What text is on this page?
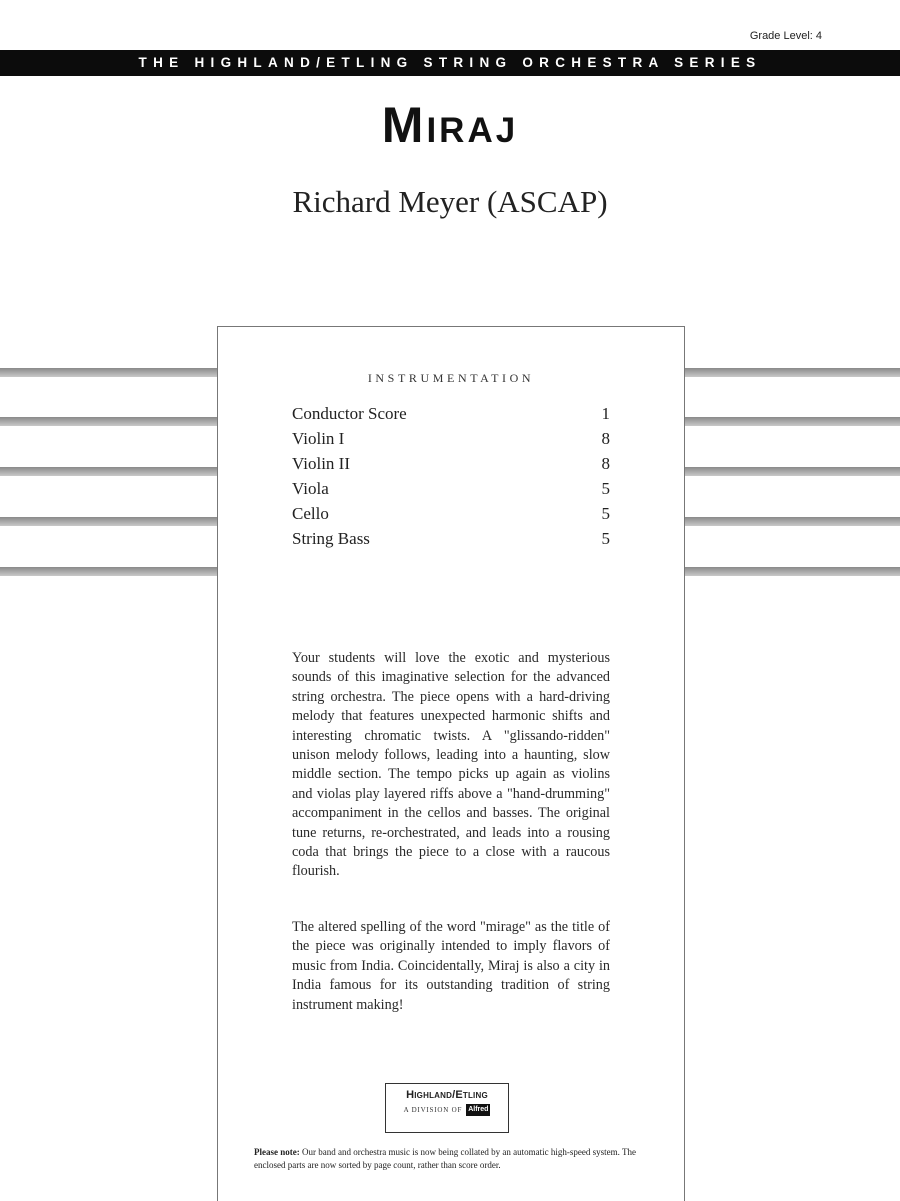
Grade Level: 4
THE HIGHLAND/ETLING STRING ORCHESTRA SERIES
Miraj
Richard Meyer (ASCAP)
INSTRUMENTATION
Conductor Score	1
Violin I	8
Violin II	8
Viola	5
Cello	5
String Bass	5

Your students will love the exotic and mysterious sounds of this imaginative selection for the advanced string orchestra. The piece opens with a hard-driving melody that features unexpected harmonic shifts and interesting chromatic twists. A "glissando-ridden" unison melody follows, leading into a haunting, slow middle section. The tempo picks up again as violins and violas play layered riffs above a "hand-drumming" accompaniment in the cellos and basses. The original tune returns, re-orchestrated, and leads into a rousing coda that brings the piece to a close with a raucous flourish.

The altered spelling of the word "mirage" as the title of the piece was originally intended to imply flavors of music from India. Coincidentally, Miraj is also a city in India famous for its outstanding tradition of string instrument making!

Highland/Etling
A DIVISION OF Alfred

Please note: Our band and orchestra music is now being collated by an automatic high-speed system. The enclosed parts are now sorted by page count, rather than score order.
